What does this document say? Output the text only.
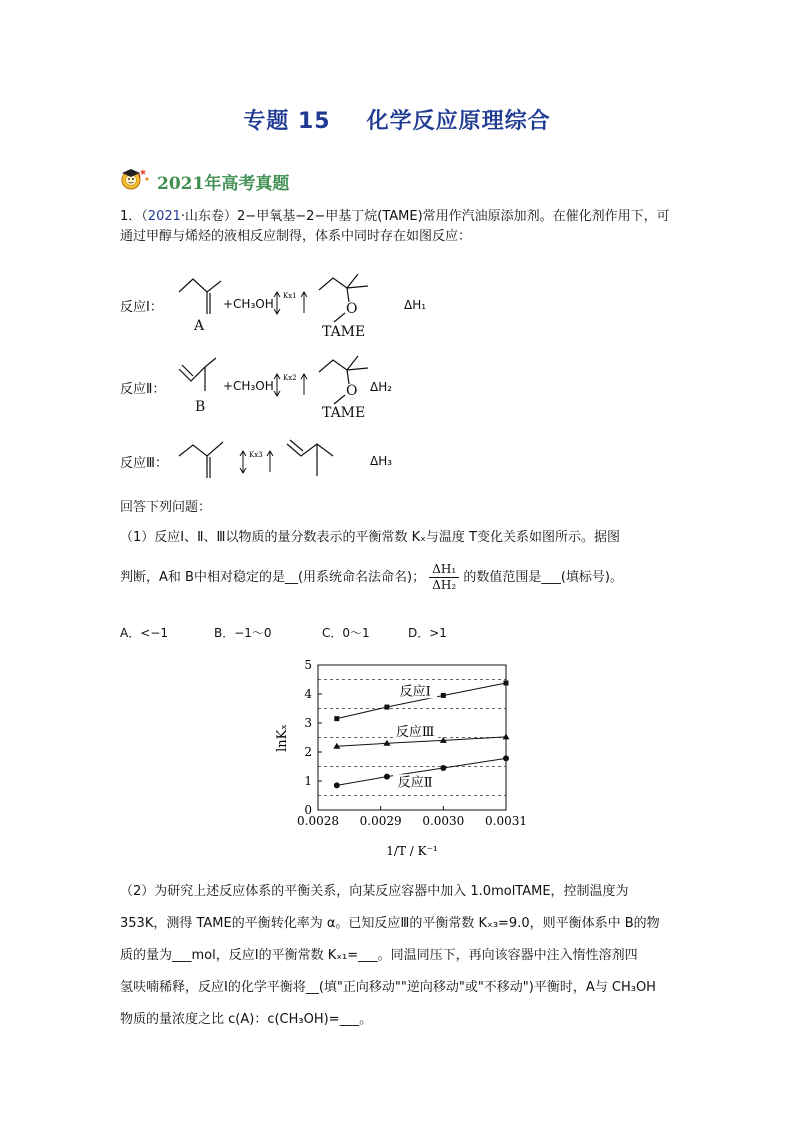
专题 15 化学反应原理综合
2021年高考真题
1．（2021·山东卷）2−甲氧基−2−甲基丁烷(TAME)常用作汽油原添加剂。在催化剂作用下，可
通过甲醇与烯烃的液相反应制得，体系中同时存在如图反应：
反应Ⅰ：
A
+CH₃OH
Kx1
O
TAME
ΔH₁
反应Ⅱ：
B
+CH₃OH
Kx2
O
TAME
ΔH₂
反应Ⅲ：
Kx3	ΔH₃
回答下列问题：
（1）反应Ⅰ、Ⅱ、Ⅲ以物质的量分数表示的平衡常数 Kₓ与温度 T变化关系如图所示。据图
判断，A和 B中相对稳定的是__(用系统命名法命名)； $\frac{\text{ΔH₁}}{\text{ΔH₂}}$ 的数值范围是___(填标号)。
A．<−1	B．−1～0	C．0～1	D．>1
0
1
2
3
4
5
0.0028 0.0029 0.0030 0.0031
反应Ⅰ
反应Ⅲ
反应Ⅱ
lnKₓ
1/T / K⁻¹
（2）为研究上述反应体系的平衡关系，向某反应容器中加入 1.0molTAME，控制温度为
353K，测得 TAME的平衡转化率为 α。已知反应Ⅲ的平衡常数 Kₓ₃=9.0，则平衡体系中 B的物
质的量为___mol，反应Ⅰ的平衡常数 Kₓ₁=___。同温同压下，再向该容器中注入惰性溶剂四
氢呋喃稀释，反应Ⅰ的化学平衡将__(填"正向移动""逆向移动"或"不移动")平衡时，A与 CH₃OH
物质的量浓度之比 c(A)：c(CH₃OH)=___。
